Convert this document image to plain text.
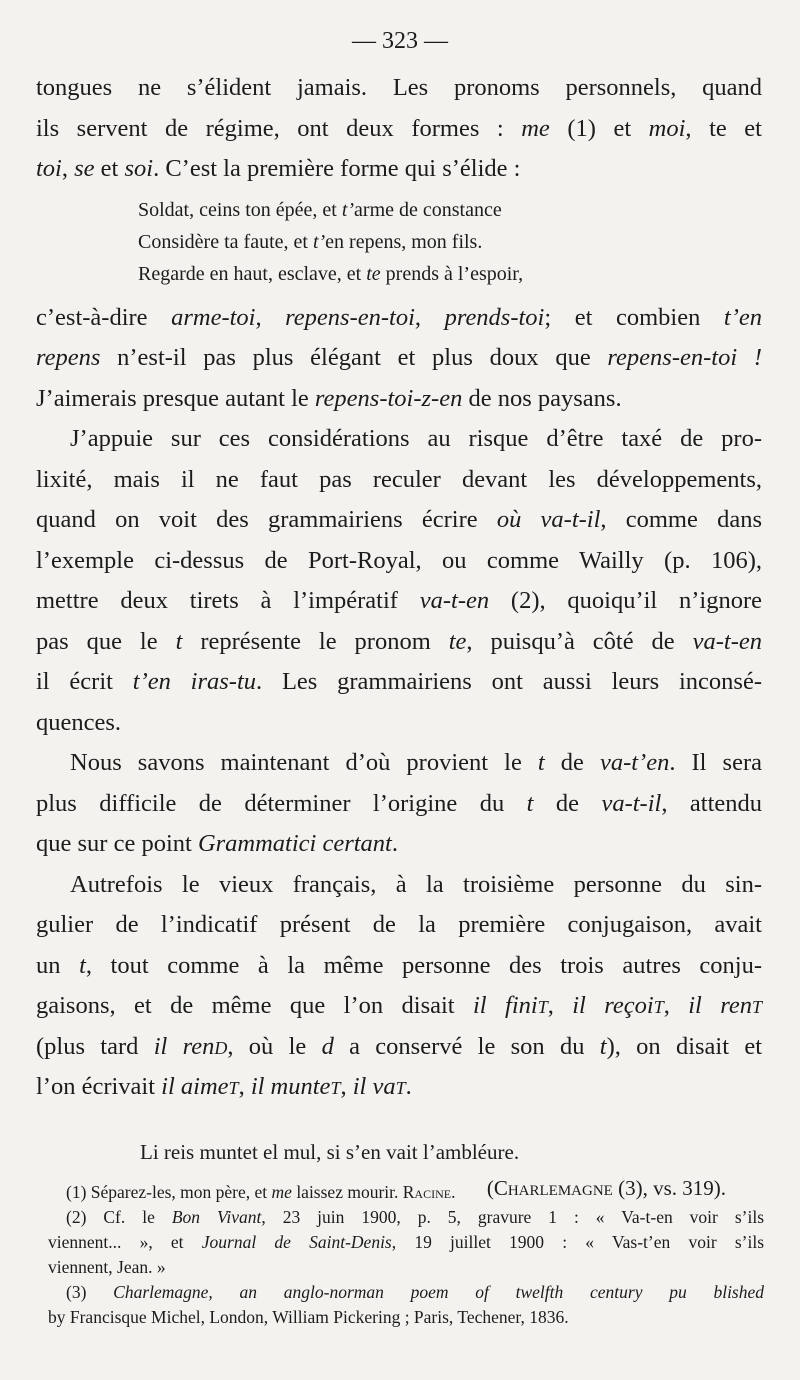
— 323 —
tongues ne s’élident jamais. Les pronoms personnels, quand
ils servent de régime, ont deux formes : me (1) et moi, te et
toi, se et soi. C’est la première forme qui s’élide :
Soldat, ceins ton épée, et t’arme de constance
Considère ta faute, et t’en repens, mon fils.
Regarde en haut, esclave, et te prends à l’espoir,
c’est-à-dire arme-toi, repens-en-toi, prends-toi; et combien t’en
repens n’est-il pas plus élégant et plus doux que repens-en-toi !
J’aimerais presque autant le repens-toi-z-en de nos paysans.
J’appuie sur ces considérations au risque d’être taxé de pro-
lixité, mais il ne faut pas reculer devant les développements,
quand on voit des grammairiens écrire où va-t-il, comme dans
l’exemple ci-dessus de Port-Royal, ou comme Wailly (p. 106),
mettre deux tirets à l’impératif va-t-en (2), quoiqu’il n’ignore
pas que le t représente le pronom te, puisqu’à côté de va-t-en
il écrit t’en iras-tu. Les grammairiens ont aussi leurs inconsé-
quences.
Nous savons maintenant d’où provient le t de va-t’en. Il sera
plus difficile de déterminer l’origine du t de va-t-il, attendu
que sur ce point Grammatici certant.
Autrefois le vieux français, à la troisième personne du sin-
gulier de l’indicatif présent de la première conjugaison, avait
un t, tout comme à la même personne des trois autres conju-
gaisons, et de même que l’on disait il finiT, il reçoiT, il renT
(plus tard il renD, où le d a conservé le son du t), on disait et
l’on écrivait il aimeT, il munteT, il vaT.
Li reis muntet el mul, si s’en vait l’ambléure.
(Charlemagne (3), vs. 319).
(1) Séparez-les, mon père, et me laissez mourir. Racine.
(2) Cf. le Bon Vivant, 23 juin 1900, p. 5, gravure 1 : « Va-t-en voir s’ils
viennent... », et Journal de Saint-Denis, 19 juillet 1900 : « Vas-t’en voir s’ils
viennent, Jean. »
(3) Charlemagne, an anglo-norman poem of twelfth century pu blished
by Francisque Michel, London, William Pickering ; Paris, Techener, 1836.
